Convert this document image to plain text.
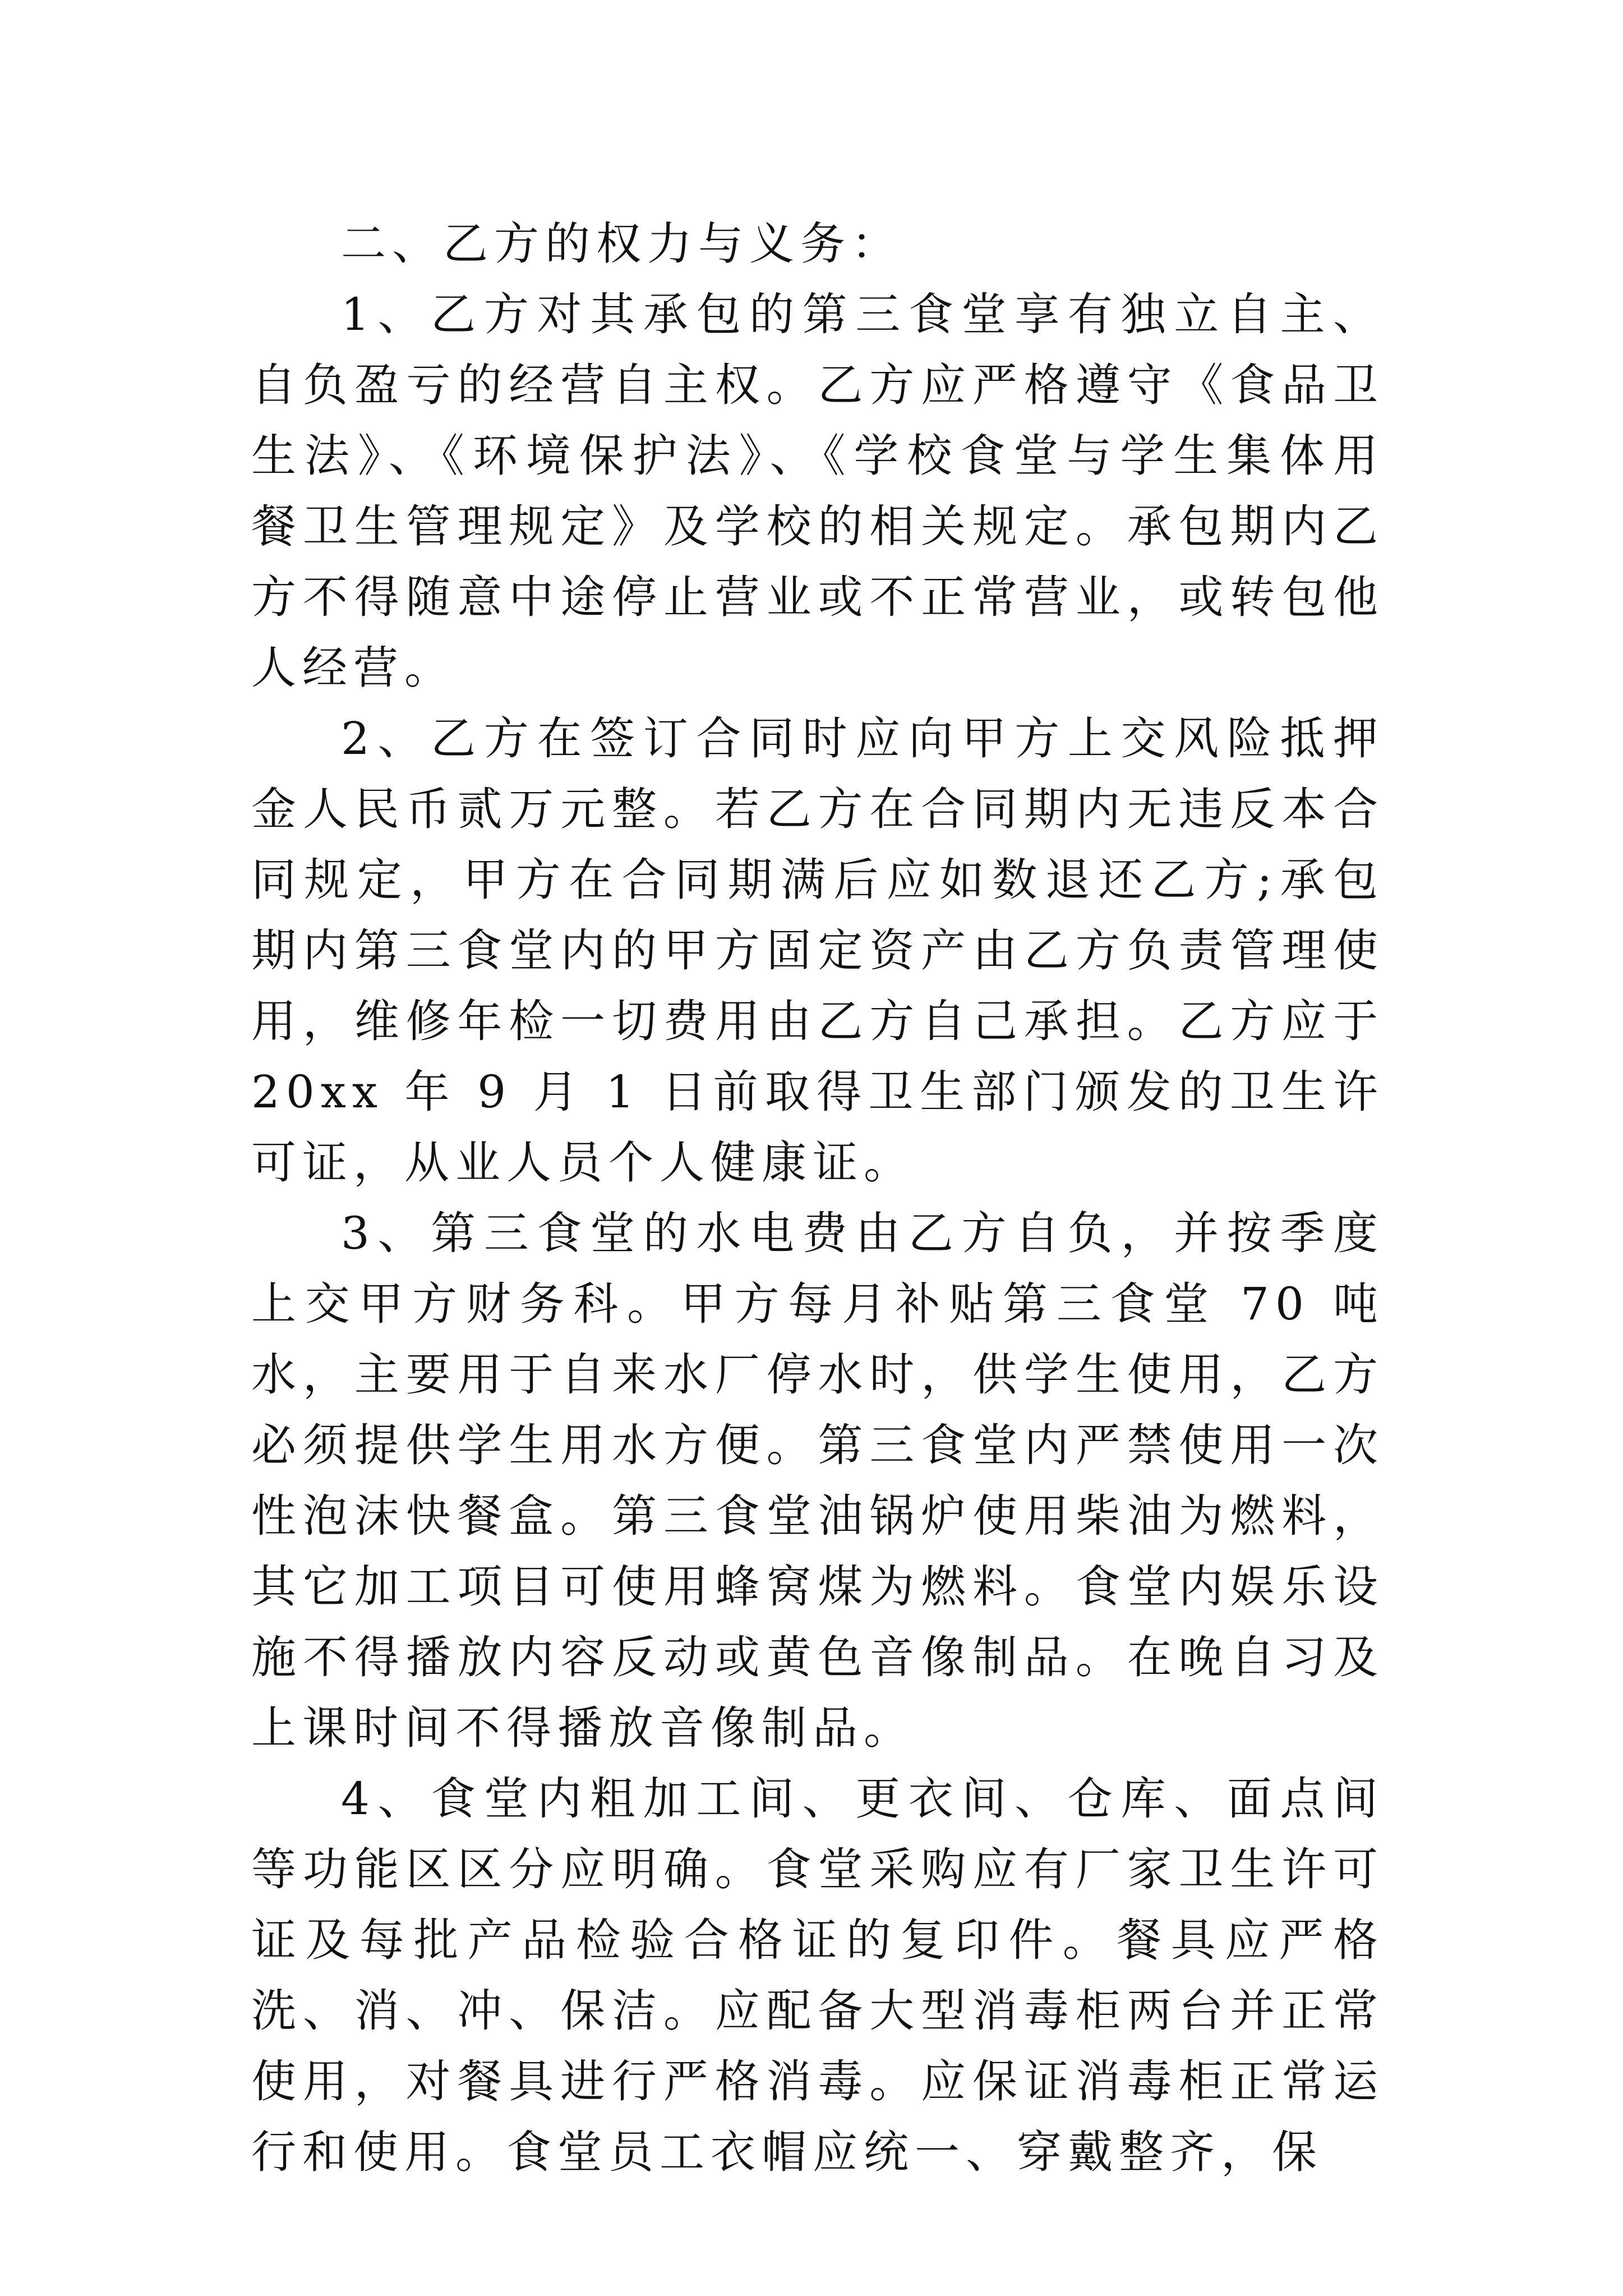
二、乙方的权力与义务：

1、乙方对其承包的第三食堂享有独立自主、自负盈亏的经营自主权。乙方应严格遵守《食品卫生法》、《环境保护法》、《学校食堂与学生集体用餐卫生管理规定》及学校的相关规定。承包期内乙方不得随意中途停止营业或不正常营业，或转包他人经营。

2、乙方在签订合同时应向甲方上交风险抵押金人民币贰万元整。若乙方在合同期内无违反本合同规定，甲方在合同期满后应如数退还乙方;承包期内第三食堂内的甲方固定资产由乙方负责管理使用，维修年检一切费用由乙方自己承担。乙方应于 20xx 年 9 月 1 日前取得卫生部门颁发的卫生许可证，从业人员个人健康证。

3、第三食堂的水电费由乙方自负，并按季度上交甲方财务科。甲方每月补贴第三食堂 70 吨水，主要用于自来水厂停水时，供学生使用，乙方必须提供学生用水方便。第三食堂内严禁使用一次性泡沫快餐盒。第三食堂油锅炉使用柴油为燃料，其它加工项目可使用蜂窝煤为燃料。食堂内娱乐设施不得播放内容反动或黄色音像制品。在晚自习及上课时间不得播放音像制品。

4、食堂内粗加工间、更衣间、仓库、面点间等功能区区分应明确。食堂采购应有厂家卫生许可证及每批产品检验合格证的复印件。餐具应严格洗、消、冲、保洁。应配备大型消毒柜两台并正常使用，对餐具进行严格消毒。应保证消毒柜正常运行和使用。食堂员工衣帽应统一、穿戴整齐，保
